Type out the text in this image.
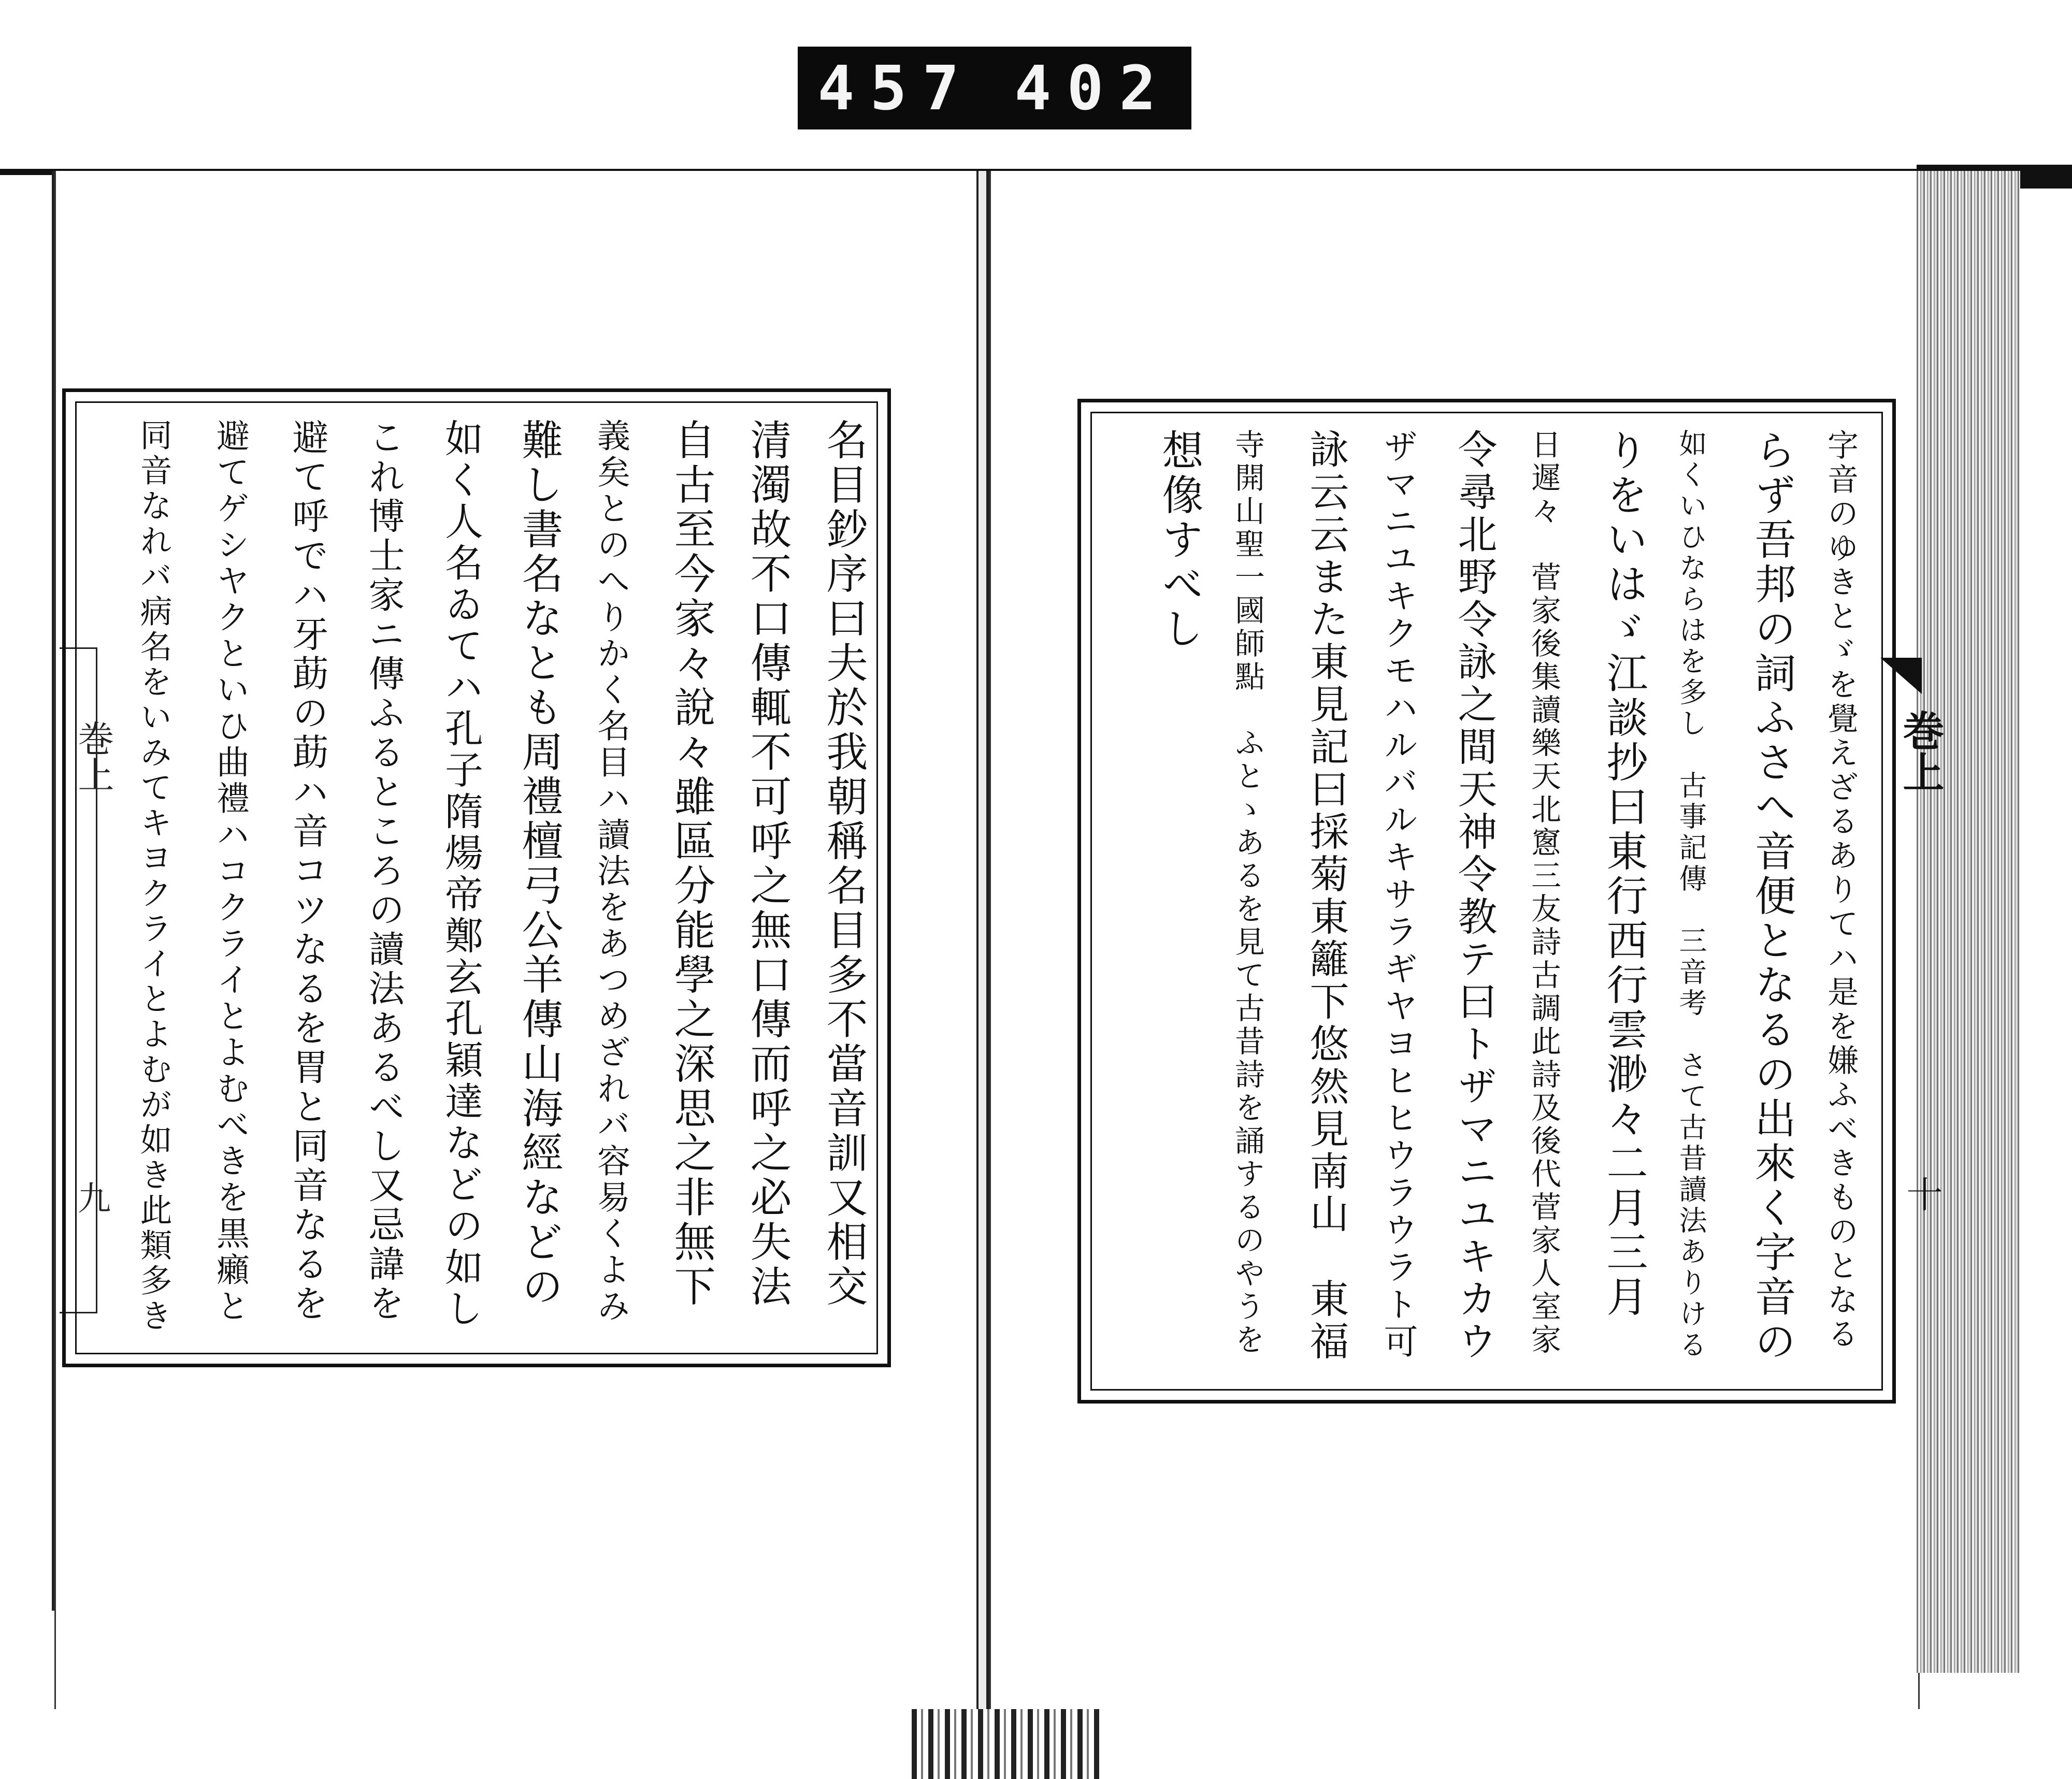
457 402
巻上
九	名目鈔序曰夫於我朝稱名目多不當音訓又相交
清濁故不口傳輒不可呼之無口傳而呼之必失法
自古至今家々說々雖區分能學之深思之非無下
義矣とのへりかく名目ハ讀法をあつめざれバ容易くよみ
難し書名なとも周禮檀弓公羊傳山海經などの
如く人名ゐてハ孔子隋煬帝鄭玄孔穎達などの如し
これ博士家ニ傳ふるところの讀法あるべし又忌諱を
避て呼でハ牙莇の莇ハ音コツなるを胃と同音なるを
避てゲシヤクといひ曲禮ハコクライとよむべきを黒癩と
同音なれバ病名をいみてキヨクライとよむが如き此類多き	巻上
十
字音のゆきとゞを覺えざるありてハ是を嫌ふべきものとなる
らず吾邦の詞ふさへ音便となるの出來く字音の
如くいひならはを多し　古事記傳　三音考　さて古昔讀法ありける
りをいはゞ江談抄曰東行西行雲渺々二月三月
日遲々　菅家後集讀樂天北窻三友詩古調此詩及後代菅家人室家
令尋北野令詠之間天神令教テ曰トザマニユキカウ
ザマニユキクモハルバルキサラギヤヨヒヒウラウラト可
詠云云また東見記曰採菊東籬下悠然見南山　東福
寺開山聖一國師點　ふとゝあるを見て古昔詩を誦するのやうを
想像すべし
